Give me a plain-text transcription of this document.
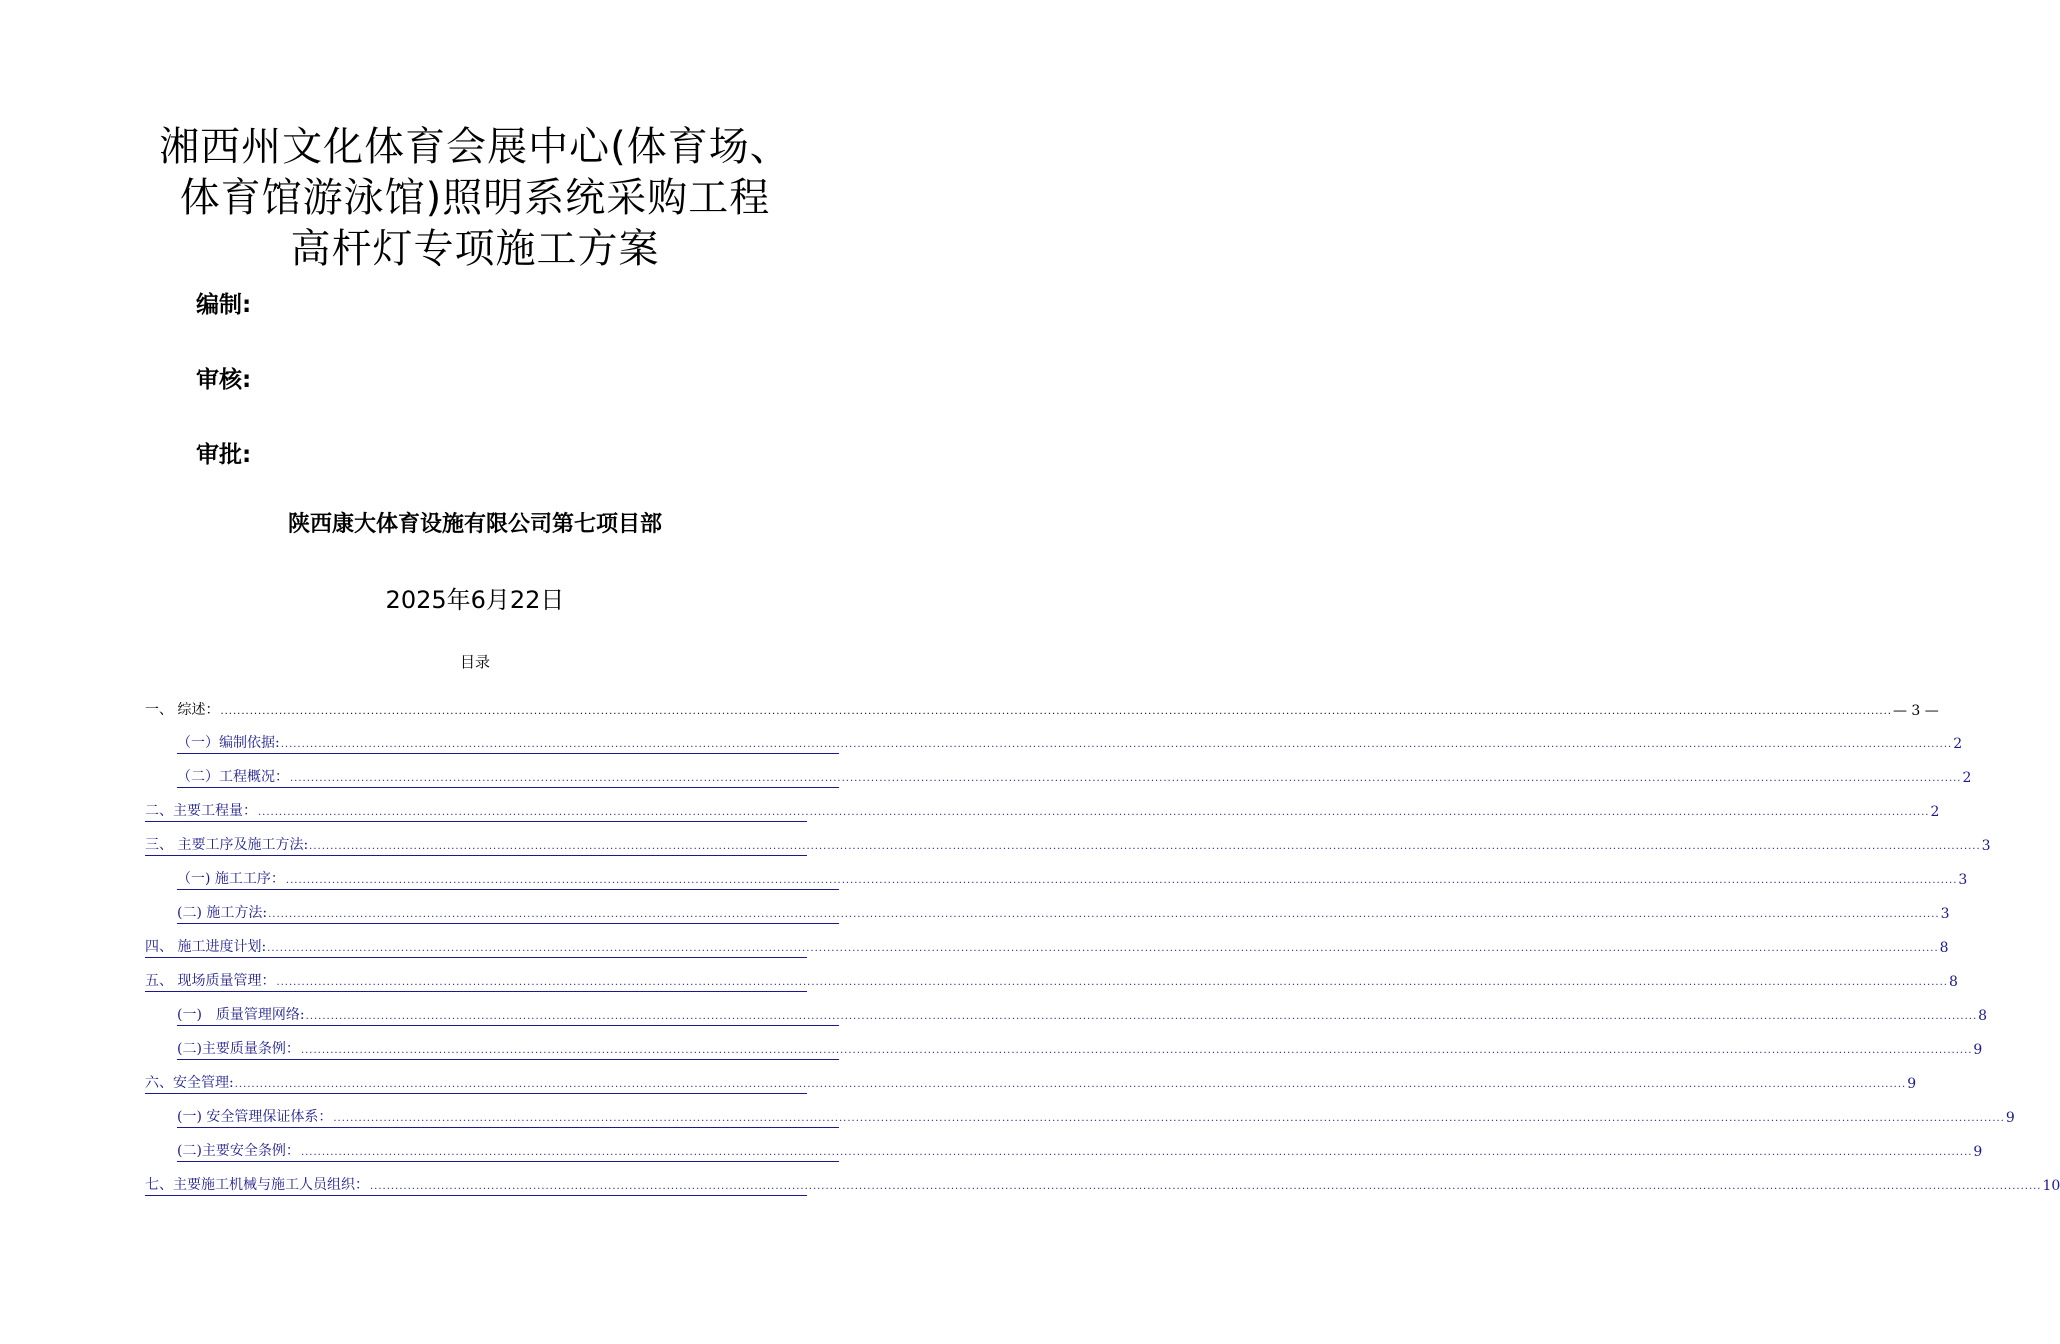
湘西州文化体育会展中心(体育场、
体育馆游泳馆)照明系统采购工程
高杆灯专项施工方案
编制:
审核:
审批:
陕西康大体育设施有限公司第七项目部
2025年6月22日
目录
一、 综述： ................................................................................................................................................................................................................................................................................................................................................................................................................ — 3 —
（一）编制依据: ................................................................................................................................................................................................................................................................................................................................................................................................................ 2
（二）工程概况： ................................................................................................................................................................................................................................................................................................................................................................................................................ 2
二、主要工程量： ................................................................................................................................................................................................................................................................................................................................................................................................................ 2
三、 主要工序及施工方法: ................................................................................................................................................................................................................................................................................................................................................................................................................ 3
（一) 施工工序： ................................................................................................................................................................................................................................................................................................................................................................................................................ 3
(二) 施工方法: ................................................................................................................................................................................................................................................................................................................................................................................................................ 3
四、 施工进度计划: ................................................................................................................................................................................................................................................................................................................................................................................................................ 8
五、 现场质量管理： ................................................................................................................................................................................................................................................................................................................................................................................................................ 8
(一)　质量管理网络: ................................................................................................................................................................................................................................................................................................................................................................................................................ 8
(二)主要质量条例： ................................................................................................................................................................................................................................................................................................................................................................................................................ 9
六、安全管理: ................................................................................................................................................................................................................................................................................................................................................................................................................ 9
(一) 安全管理保证体系： ................................................................................................................................................................................................................................................................................................................................................................................................................ 9
(二)主要安全条例： ................................................................................................................................................................................................................................................................................................................................................................................................................ 9
七、主要施工机械与施工人员组织： ................................................................................................................................................................................................................................................................................................................................................................................................................ 10
